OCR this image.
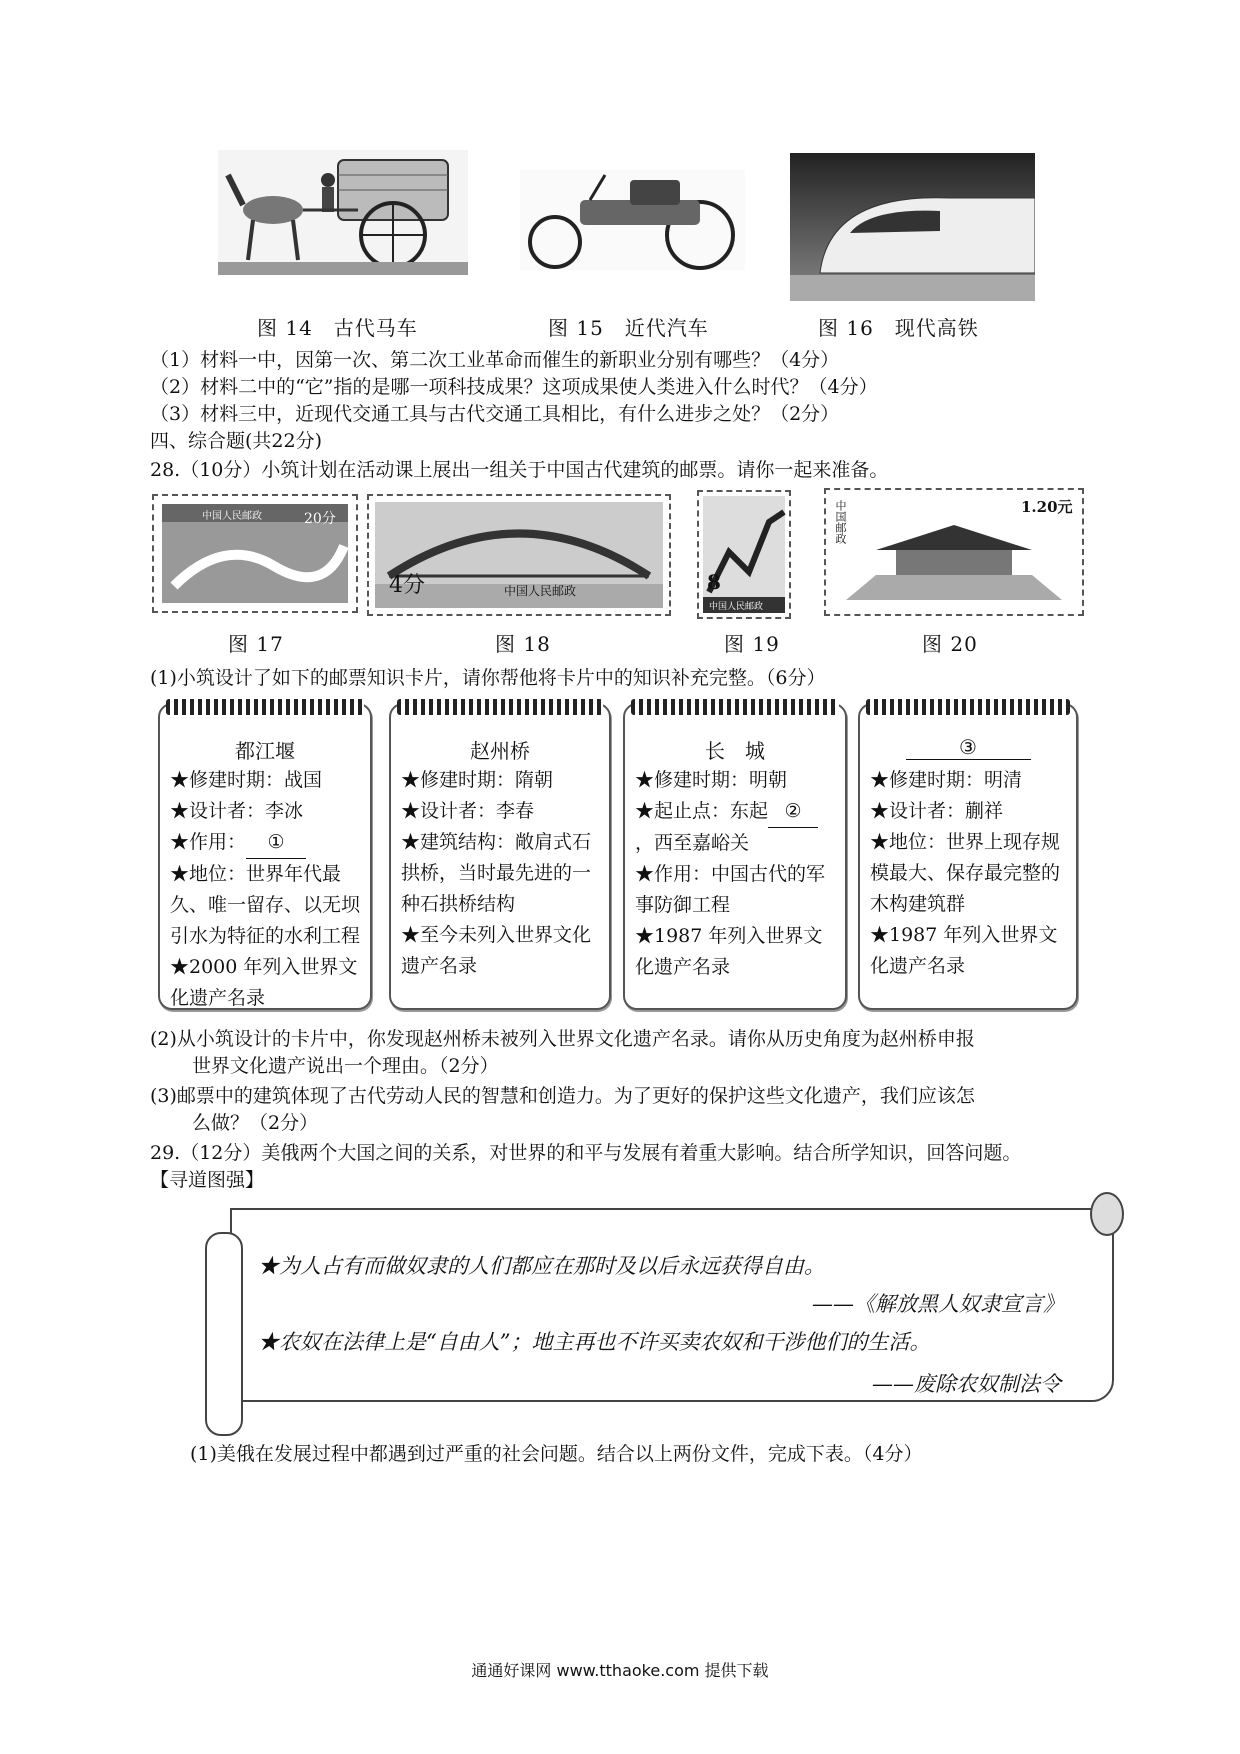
图 14　古代马车	图 15　近代汽车	图 16　现代高铁
（1）材料一中，因第一次、第二次工业革命而催生的新职业分别有哪些？（4分）
（2）材料二中的“它”指的是哪一项科技成果？这项成果使人类进入什么时代？（4分）
（3）材料三中，近现代交通工具与古代交通工具相比，有什么进步之处？（2分）
四、综合题(共22分)
28.（10分）小筑计划在活动课上展出一组关于中国古代建筑的邮票。请你一起来准备。
中国人民邮政	20分
4分	中国人民邮政	8
中国人民邮政
中国邮政	1.20元
图 17	图 18	图 19	图 20
(1)小筑设计了如下的邮票知识卡片，请你帮他将卡片中的知识补充完整。（6分）
都江堰
★修建时期：战国
★设计者：李冰
★作用： ①
★地位：世界年代最久、唯一留存、以无坝引水为特征的水利工程
★2000 年列入世界文化遗产名录
赵州桥
★修建时期：隋朝
★设计者：李春
★建筑结构：敞肩式石拱桥，当时最先进的一种石拱桥结构
★至今未列入世界文化遗产名录
长　城
★修建时期：明朝
★起止点：东起 ②，西至嘉峪关
★作用：中国古代的军事防御工程
★1987 年列入世界文化遗产名录
③
★修建时期：明清
★设计者：蒯祥
★地位：世界上现存规模最大、保存最完整的木构建筑群
★1987 年列入世界文化遗产名录
(2)从小筑设计的卡片中，你发现赵州桥未被列入世界文化遗产名录。请你从历史角度为赵州桥申报
世界文化遗产说出一个理由。（2分）
(3)邮票中的建筑体现了古代劳动人民的智慧和创造力。为了更好的保护这些文化遗产，我们应该怎
么做？（2分）
29.（12分）美俄两个大国之间的关系，对世界的和平与发展有着重大影响。结合所学知识，回答问题。
【寻道图强】
★为人占有而做奴隶的人们都应在那时及以后永远获得自由。
——《解放黑人奴隶宣言》
★农奴在法律上是“自由人”；地主再也不许买卖农奴和干涉他们的生活。
——废除农奴制法令
(1)美俄在发展过程中都遇到过严重的社会问题。结合以上两份文件，完成下表。（4分）
通通好课网 www.tthaoke.com 提供下载
